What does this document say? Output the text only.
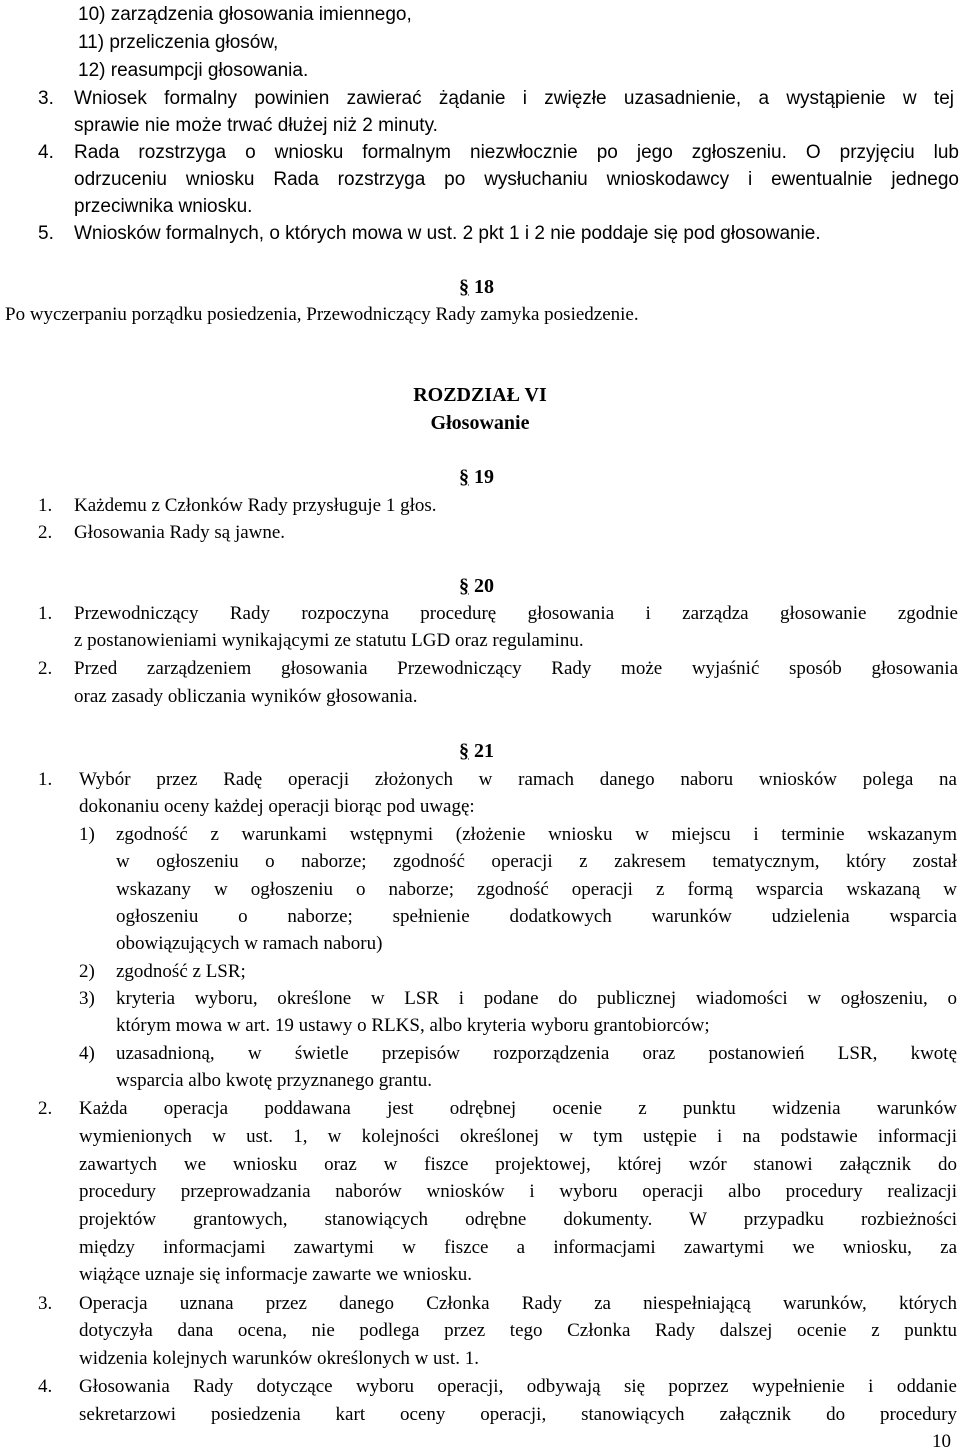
10) zarządzenia głosowania imiennego,
11) przeliczenia głosów,
12) reasumpcji głosowania.
3. Wniosek formalny powinien zawierać żądanie i zwięzłe uzasadnienie, a wystąpienie w tej
sprawie nie może trwać dłużej niż 2 minuty.
4. Rada rozstrzyga o wniosku formalnym niezwłocznie po jego zgłoszeniu. O przyjęciu lub
odrzuceniu wniosku Rada rozstrzyga po wysłuchaniu wnioskodawcy i ewentualnie jednego
przeciwnika wniosku.
5. Wniosków formalnych, o których mowa w ust. 2 pkt 1 i 2 nie poddaje się pod głosowanie.
§ 18
Po wyczerpaniu porządku posiedzenia, Przewodniczący Rady zamyka posiedzenie.
ROZDZIAŁ VI
Głosowanie
§ 19
1. Każdemu z Członków Rady przysługuje 1 głos.
2. Głosowania Rady są jawne.
§ 20
1. Przewodniczący Rady rozpoczyna procedurę głosowania i zarządza głosowanie zgodnie
z postanowieniami wynikającymi ze statutu LGD oraz regulaminu.
2. Przed zarządzeniem głosowania Przewodniczący Rady może wyjaśnić sposób głosowania
oraz zasady obliczania wyników głosowania.
§ 21
1. Wybór przez Radę operacji złożonych w ramach danego naboru wniosków polega na
dokonaniu oceny każdej operacji biorąc pod uwagę:
1) zgodność z warunkami wstępnymi (złożenie wniosku w miejscu i terminie wskazanym
w ogłoszeniu o naborze; zgodność operacji z zakresem tematycznym, który został
wskazany w ogłoszeniu o naborze; zgodność operacji z formą wsparcia wskazaną w
ogłoszeniu o naborze; spełnienie dodatkowych warunków udzielenia wsparcia
obowiązujących w ramach naboru)
2) zgodność z LSR;
3) kryteria wyboru, określone w LSR i podane do publicznej wiadomości w ogłoszeniu, o
którym mowa w art. 19 ustawy o RLKS, albo kryteria wyboru grantobiorców;
4) uzasadnioną, w świetle przepisów rozporządzenia oraz postanowień LSR, kwotę
wsparcia albo kwotę przyznanego grantu.
2. Każda operacja poddawana jest odrębnej ocenie z punktu widzenia warunków
wymienionych w ust. 1, w kolejności określonej w tym ustępie i na podstawie informacji
zawartych we wniosku oraz w fiszce projektowej, której wzór stanowi załącznik do
procedury przeprowadzania naborów wniosków i wyboru operacji albo procedury realizacji
projektów grantowych, stanowiących odrębne dokumenty. W przypadku rozbieżności
między informacjami zawartymi w fiszce a informacjami zawartymi we wniosku, za
wiążące uznaje się informacje zawarte we wniosku.
3. Operacja uznana przez danego Członka Rady za niespełniającą warunków, których
dotyczyła dana ocena, nie podlega przez tego Członka Rady dalszej ocenie z punktu
widzenia kolejnych warunków określonych w ust. 1.
4. Głosowania Rady dotyczące wyboru operacji, odbywają się poprzez wypełnienie i oddanie
sekretarzowi posiedzenia kart oceny operacji, stanowiących załącznik do procedury
10
